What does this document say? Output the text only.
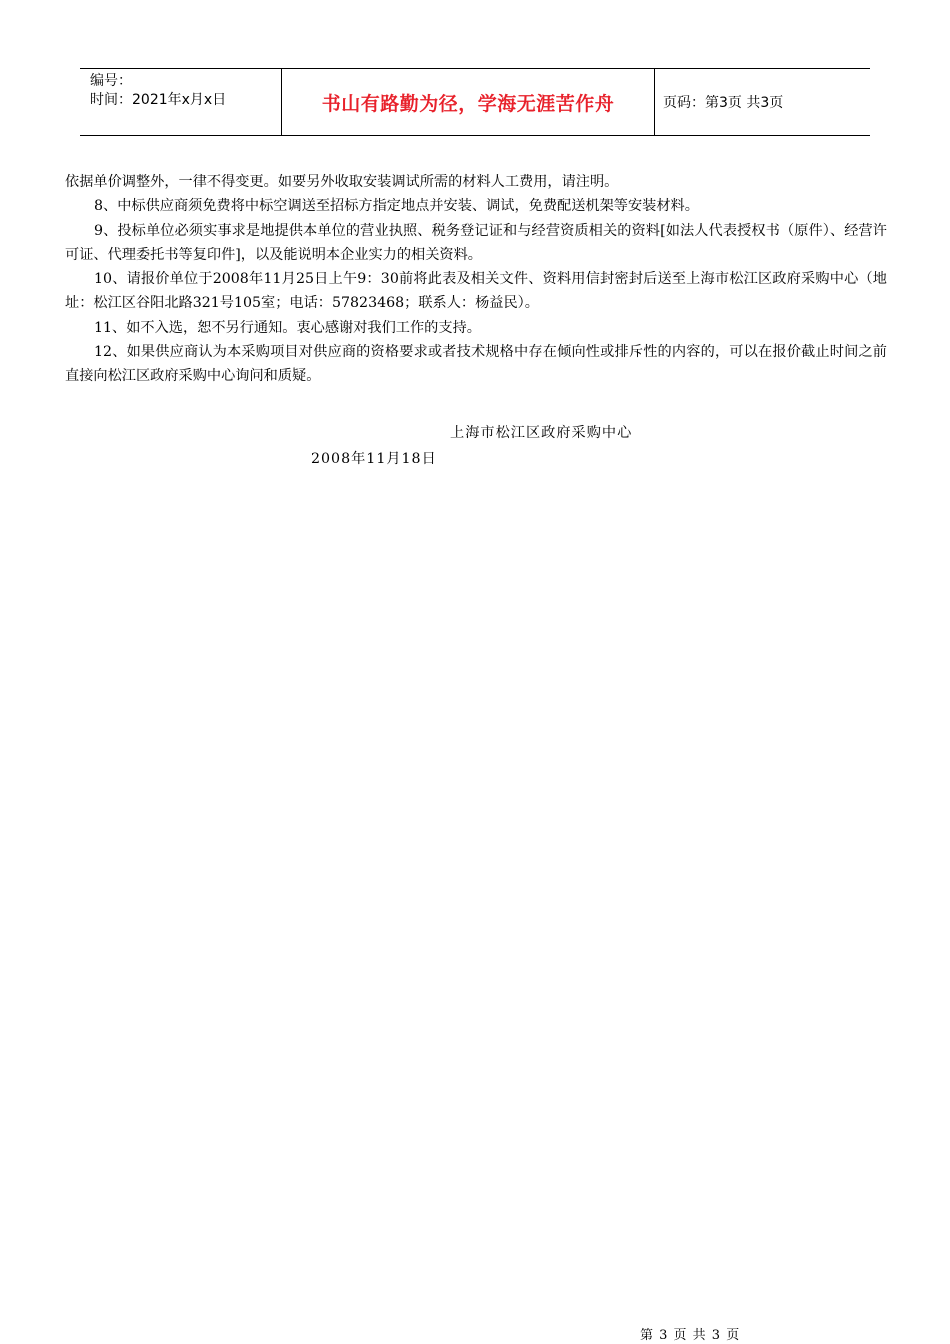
编号：
时间：2021年x月x日	书山有路勤为径，学海无涯苦作舟	页码：第3页 共3页

依据单价调整外，一律不得变更。如要另外收取安装调试所需的材料人工费用，请注明。

8、中标供应商须免费将中标空调送至招标方指定地点并安装、调试，免费配送机架等安装材料。

9、投标单位必须实事求是地提供本单位的营业执照、税务登记证和与经营资质相关的资料[如法人代表授权书（原件）、经营许可证、代理委托书等复印件]，以及能说明本企业实力的相关资料。

10、请报价单位于2008年11月25日上午9：30前将此表及相关文件、资料用信封密封后送至上海市松江区政府采购中心（地址：松江区谷阳北路321号105室；电话：57823468；联系人：杨益民）。

11、如不入选，恕不另行通知。衷心感谢对我们工作的支持。

12、如果供应商认为本采购项目对供应商的资格要求或者技术规格中存在倾向性或排斥性的内容的，可以在报价截止时间之前直接向松江区政府采购中心询问和质疑。

上海市松江区政府采购中心
2008年11月18日
第 3 页 共 3 页
